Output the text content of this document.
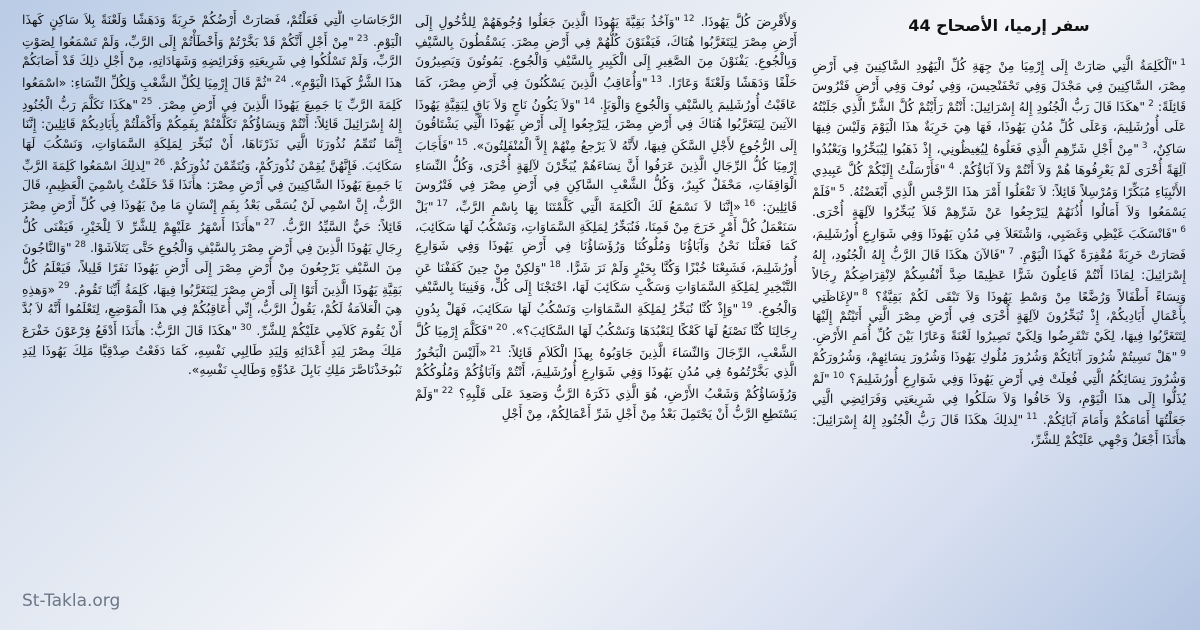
سفر إرميا، الأصحاح 44
$^1$"اَلْكَلِمَةُ الَّتِي صَارَتْ إِلَى إِرْمِيَا مِنْ جِهَةِ كُلِّ الْيَهُودِ السَّاكِنِينَ فِي أَرْضِ مِصْرَ، السَّاكِنِينَ فِي مَجْدَلَ وَفِي تَحْفَنْحِيسَ، وَفِي نُوفَ وَفِي أَرْضِ فَتْرُوسَ قَائِلَةً: $^2$"هكَذَا قَالَ رَبُّ الْجُنُودِ إِلهُ إِسْرَائِيلَ: أَنْتُمْ رَأَيْتُمْ كُلَّ الشَّرِّ الَّذِي جَلَبْتُهُ عَلَى أُورُشَلِيمَ، وَعَلَى كُلِّ مُدُنِ يَهُوذَا، فَهَا هِيَ خَرِبَةٌ هذَا الْيَوْمَ وَلَيْسَ فِيهَا سَاكِنٌ، $^3$"مِنْ أَجْلِ شَرِّهِمِ الَّذِي فَعَلُوهُ لِيُغِيظُونِي، إِذْ ذَهَبُوا لِيُبَخِّرُوا وَيَعْبُدُوا آلِهَةً أُخْرَى لَمْ يَعْرِفُوهَا هُمْ وَلاَ أَنْتُمْ وَلاَ آبَاؤُكُمْ. $^4$"فَأَرْسَلْتُ إِلَيْكُمْ كُلَّ عَبِيدِي الأَنْبِيَاءِ مُبَكِّرًا وَمُرْسِلاً قَائِلاً: لاَ تَفْعَلُوا أَمْرَ هذَا الرِّجْسِ الَّذِي أَبْغَضْتُهُ. $^5$"فَلَمْ يَسْمَعُوا وَلاَ أَمَالُوا أُذُنَهُمْ لِيَرْجِعُوا عَنْ شَرِّهِمْ فَلاَ يُبَخِّرُوا لآلِهَةٍ أُخْرَى. $^6$"فَانْسَكَبَ غَيْظِي وَغَضَبِي، وَاشْتَعَلاَ فِي مُدُنِ يَهُوذَا وَفِي شَوَارِعِ أُورُشَلِيمَ، فَصَارَتْ خَرِبَةً مُقْفِرَةً كَهذَا الْيَوْمِ. $^7$"فَالآنَ هكَذَا قَالَ الرَّبُّ إِلهُ الْجُنُودِ، إِلهُ إِسْرَائِيلَ: لِمَاذَا أَنْتُمْ فَاعِلُونَ شَرًّا عَظِيمًا ضِدَّ أَنْفُسِكُمْ لاِنْقِرَاضِكُمْ رِجَالاً وَنِسَاءً أَطْفَالاً وَرُضَّعًا مِنْ وَسْطِ يَهُوذَا وَلاَ تَبْقَى لَكُمْ بَقِيَّةٌ؟ $^8$"لإِغَاظَتِي بِأَعْمَالِ أَيَادِيكُمْ، إِذْ تُبَخِّرُونَ لآلِهَةٍ أُخْرَى فِي أَرْضِ مِصْرَ الَّتِي أَتَيْتُمْ إِلَيْهَا لِتَتَغَرَّبُوا فِيهَا، لِكَيْ تَنْقَرِضُوا وَلِكَيْ تَصِيرُوا لَعْنَةً وَعَارًا بَيْنَ كُلِّ أُمَمِ الأَرْضِ. $^9$"هَلْ نَسِيتُمْ شُرُورَ آبَائِكُمْ وَشُرُورَ مُلُوكِ يَهُوذَا وَشُرُورَ نِسَائِهِمْ، وَشُرُورَكُمْ وَشُرُورَ نِسَائِكُمُ الَّتِي فُعِلَتْ فِي أَرْضِ يَهُوذَا وَفِي شَوَارِعِ أُورُشَلِيمَ؟ $^{10}$"لَمْ يُذَلُّوا إِلَى هذَا الْيَوْمِ، وَلاَ خَافُوا وَلاَ سَلَكُوا فِي شَرِيعَتِي وَفَرَائِضِي الَّتِي جَعَلْتُهَا أَمَامَكُمْ وَأَمَامَ آبَائِكُمْ. $^{11}$"لِذلِكَ هكَذَا قَالَ رَبُّ الْجُنُودِ إِلهُ إِسْرَائِيلَ: هأَنَذَا أَجْعَلُ وَجْهِي عَلَيْكُمْ لِلشَّرِّ،
وَلأَقْرِضَ كُلَّ يَهُوذَا. $^{12}$"وَآخُذُ بَقِيَّةَ يَهُوذَا الَّذِينَ جَعَلُوا وُجُوهَهُمْ لِلدُّخُولِ إِلَى أَرْضِ مِصْرَ لِيَتَغَرَّبُوا هُنَاكَ، فَيَفْنَوْنَ كُلُّهُمْ فِي أَرْضِ مِصْرَ. يَسْقُطُونَ بِالسَّيْفِ وَبِالْجُوعِ. يَفْنَوْنَ مِنَ الصَّغِيرِ إِلَى الْكَبِيرِ بِالسَّيْفِ وَالْجُوعِ. يَمُوتُونَ وَيَصِيرُونَ حَلْفًا وَدَهَشًا وَلَعْنَةً وَعَارًا. $^{13}$"وَأُعَاقِبُ الَّذِينَ يَسْكُنُونَ فِي أَرْضِ مِصْرَ، كَمَا عَاقَبْتُ أُورُشَلِيمَ بِالسَّيْفِ وَالْجُوعِ وَالْوَبَإِ. $^{14}$"وَلاَ يَكُونُ نَاجٍ وَلاَ بَاقٍ لِبَقِيَّةِ يَهُوذَا الآتِينَ لِيَتَغَرَّبُوا هُنَاكَ فِي أَرْضِ مِصْرَ، لِيَرْجِعُوا إِلَى أَرْضِ يَهُوذَا الَّتِي يَشْتَاقُونَ إِلَى الرُّجُوعِ لأَجْلِ السَّكَنِ فِيهَا، لأَنَّهُ لاَ يَرْجعُ مِنْهُمْ إِلاَّ الْمُنْفَلِتُونَ». $^{15}$"فَأَجَابَ إِرْمِيَا كُلُّ الرِّجَالِ الَّذِينَ عَرَفُوا أَنَّ نِسَاءَهُمْ يُبَخِّرْنَ لآلِهَةٍ أُخْرَى، وَكُلُّ النِّسَاءِ الْوَاقِفَاتِ، مَحْفَلٌ كَبِيرٌ، وَكُلُّ الشَّعْبِ السَّاكِنِ فِي أَرْضِ مِصْرَ فِي فَتْرُوسَ قَائِلِينَ: $^{16}$«إِنَّنَا لاَ نَسْمَعُ لَكَ الْكَلِمَةَ الَّتِي كَلَّمْتَنَا بِهَا بِاسْمِ الرَّبِّ، $^{17}$"بَلْ سَنَعْمَلُ كُلَّ أَمْرٍ خَرَجَ مِنْ فَمِنَا، فَنُبَخِّرُ لِمَلِكَةِ السَّمَاوَاتِ، وَنَسْكُبُ لَهَا سَكَائِبَ، كَمَا فَعَلْنَا نَحْنُ وَآبَاؤُنَا وَمُلُوكُنَا وَرُؤَسَاؤُنَا فِي أَرْضِ يَهُوذَا وَفِي شَوَارِعِ أُورُشَلِيمَ، فَشَبِعْنَا خُبْزًا وَكُنَّا بِخَيْرٍ وَلَمْ نَرَ شَرًّا. $^{18}$"وَلكِنْ مِنْ حِينَ كَفَفْنَا عَنِ التَّبْخِيرِ لِمَلِكَةِ السَّمَاوَاتِ وَسَكْبِ سَكَائِبَ لَهَا، احْتَجْنَا إِلَى كُلٍّ، وَفَنِينَا بِالسَّيْفِ وَالْجُوعِ. $^{19}$"وَإِذْ كُنَّا نُبَخِّرُ لِمَلِكَةِ السَّمَاوَاتِ وَنَسْكُبُ لَهَا سَكَائِبَ، فَهَلْ بِدُونِ رِجَالِنَا كُنَّا نَصْنَعُ لَهَا كَعْكًا لِنَعْبُدَهَا وَنَسْكُبُ لَهَا السَّكَائِبَ؟». $^{20}$"فَكَلَّمَ إِرْمِيَا كُلَّ الشَّعْبِ، الرِّجَالَ وَالنِّسَاءَ الَّذِينَ جَاوَبُوهُ بِهذَا الْكَلاَمِ قَائِلاً: $^{21}$«أَلَيْسَ الْبَخُورُ الَّذِي بَخَّرْتُمُوهُ فِي مُدُنِ يَهُوذَا وَفِي شَوَارِعِ أُورُشَلِيمَ، أَنْتُمْ وَآبَاؤُكُمْ وَمُلُوكُكُمْ وَرُؤَسَاؤُكُمْ وَشَعْبُ الأَرْضِ، هُوَ الَّذِي ذَكَرَهُ الرَّبُّ وَصَعِدَ عَلَى قَلْبِهِ؟ $^{22}$"وَلَمْ يَسْتَطِعِ الرَّبُّ أَنْ يَحْتَمِلَ بَعْدُ مِنْ أَجْلِ شَرِّ أَعْمَالِكُمْ، مِنْ أَجْلِ
الرَّجَاسَاتِ الَّتِي فَعَلْتُمْ، فَصَارَتْ أَرْضُكُمْ خَرِبَةً وَدَهَشًا وَلَعْنَةً بِلاَ سَاكِنٍ كَهذَا الْيَوْمِ. $^{23}$"مِنْ أَجْلِ أَنَّكُمْ قَدْ بَخَّرْتُمْ وَأَخْطَأْتُمْ إِلَى الرَّبِّ، وَلَمْ تَسْمَعُوا لِصَوْتِ الرَّبِّ، وَلَمْ تَسْلُكُوا فِي شَرِيعَتِهِ وَفَرَائِضِهِ وَشَهَادَاتِهِ، مِنْ أَجْلِ ذلِكَ قَدْ أَصَابَكُمْ هذَا الشَّرُّ كَهذَا الْيَوْمِ». $^{24}$"ثُمَّ قَالَ إِرْمِيَا لِكُلِّ الشَّعْبِ وَلِكُلِّ النِّسَاءِ: «اسْمَعُوا كَلِمَةَ الرَّبِّ يَا جَمِيعَ يَهُوذَا الَّذِينَ فِي أَرْضِ مِصْرَ. $^{25}$"هكَذَا تَكَلَّمَ رَبُّ الْجُنُودِ إِلهُ إِسْرَائِيلَ قَائِلاً: أَنْتُمْ وَنِسَاؤُكُمْ تَكَلَّمْتُمْ بِفَمِكُمْ وَأَكْمَلْتُمْ بِأَيَادِيكُمْ قَائِلِينَ: إِنَّنَا إِنَّمَا نُتَمِّمُ نُذُورَنَا الَّتِي نَذَرْنَاهَا، أَنْ نُبَخِّرَ لِمَلِكَةِ السَّمَاوَاتِ، وَنَسْكُبَ لَهَا سَكَائِبَ. فَإِنَّهُنَّ يُقِمْنَ نُذُورَكُمْ، وَيُتَمِّمْنَ نُذُورَكُمْ. $^{26}$"لِذلِكَ اسْمَعُوا كَلِمَةَ الرَّبِّ يَا جَمِيعَ يَهُوذَا السَّاكِنِينَ فِي أَرْضِ مِصْرَ: هأَنَذَا قَدْ حَلَفْتُ بِاسْمِيَ الْعَظِيمِ، قَالَ الرَّبُّ، إِنَّ اسْمِي لَنْ يُسَمَّى بَعْدُ بِفَمِ إِنْسَانٍ مَا مِنْ يَهُوذَا فِي كُلِّ أَرْضِ مِصْرَ قَائِلاً: حَيٌّ السَّيِّدُ الرَّبُّ. $^{27}$"هأَنَذَا أَسْهَرُ عَلَيْهِمْ لِلشَّرِّ لاَ لِلْخَيْرِ، فَيَفْنَى كُلُّ رِجَالِ يَهُوذَا الَّذِينَ فِي أَرْضِ مِصْرَ بِالسَّيْفِ وَالْجُوعِ حَتَّى يَتَلاَشَوْا. $^{28}$"وَالنَّاجُونَ مِنَ السَّيْفِ يَرْجِعُونَ مِنْ أَرْضِ مِصْرَ إِلَى أَرْضِ يَهُوذَا نَفَرًا قَلِيلاً، فَيَعْلَمُ كُلُّ بَقِيَّةِ يَهُوذَا الَّذِينَ أَتَوْا إِلَى أَرْضِ مِصْرَ لِيَتَغَرَّبُوا فِيهَا، كَلِمَةُ أَيِّنَا تَقُومُ. $^{29}$«وَهذِهِ هِيَ الْعَلاَمَةُ لَكُمْ، يَقُولُ الرَّبُّ، إِنِّي أُعَاقِبُكُمْ فِي هذَا الْمَوْضِعِ، لِتَعْلَمُوا أَنَّهُ لاَ بُدَّ أَنْ يَقُومَ كَلاَمِي عَلَيْكُمْ لِلشَّرِّ. $^{30}$"هكَذَا قَالَ الرَّبُّ: هأَنَذَا أَدْفَعُ فِرْعَوْنَ خَفْرَعَ مَلِكَ مِصْرَ لِيَدِ أَعْدَائِهِ وَلِيَدِ طَالِبِي نَفْسِهِ، كَمَا دَفَعْتُ صِدْقِيَّا مَلِكَ يَهُوذَا لِيَدِ نَبُوخَذْنَاصَّرَ مَلِكِ بَابِلَ عَدُوِّهِ وَطَالِبِ نَفْسِهِ».
St-Takla.org
